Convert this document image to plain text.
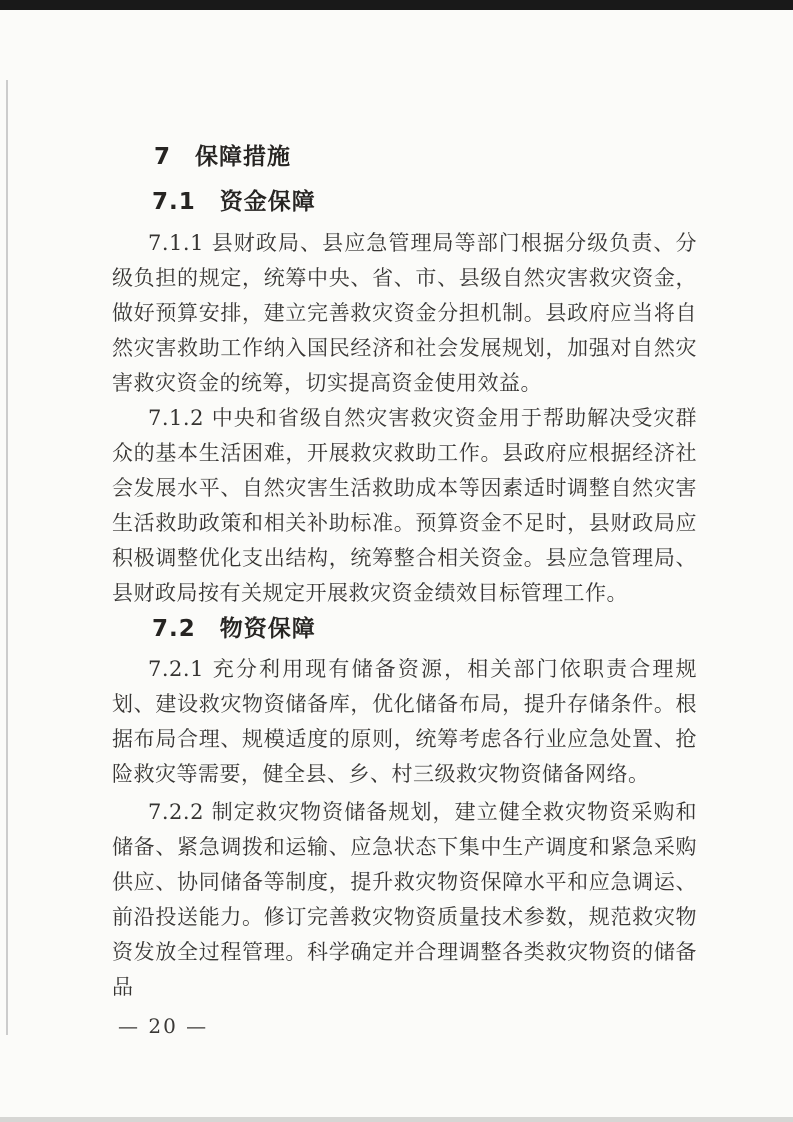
7　保障措施
7.1　资金保障

7.1.1 县财政局、县应急管理局等部门根据分级负责、分级负担的规定，统筹中央、省、市、县级自然灾害救灾资金，做好预算安排，建立完善救灾资金分担机制。县政府应当将自然灾害救助工作纳入国民经济和社会发展规划，加强对自然灾害救灾资金的统筹，切实提高资金使用效益。

7.1.2 中央和省级自然灾害救灾资金用于帮助解决受灾群众的基本生活困难，开展救灾救助工作。县政府应根据经济社会发展水平、自然灾害生活救助成本等因素适时调整自然灾害生活救助政策和相关补助标准。预算资金不足时，县财政局应积极调整优化支出结构，统筹整合相关资金。县应急管理局、县财政局按有关规定开展救灾资金绩效目标管理工作。

7.2　物资保障

7.2.1 充分利用现有储备资源，相关部门依职责合理规划、建设救灾物资储备库，优化储备布局，提升存储条件。根据布局合理、规模适度的原则，统筹考虑各行业应急处置、抢险救灾等需要，健全县、乡、村三级救灾物资储备网络。

7.2.2 制定救灾物资储备规划，建立健全救灾物资采购和储备、紧急调拨和运输、应急状态下集中生产调度和紧急采购供应、协同储备等制度，提升救灾物资保障水平和应急调运、前沿投送能力。修订完善救灾物资质量技术参数，规范救灾物资发放全过程管理。科学确定并合理调整各类救灾物资的储备品

— 20 —
